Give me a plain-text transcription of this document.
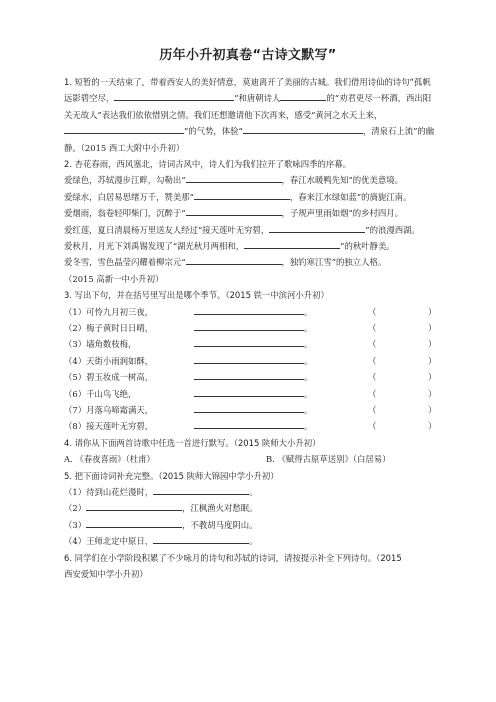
历年小升初真卷“古诗文默写”

1. 短暂的一天结束了，带着西安人的美好情意，莫迪离开了美丽的古城。我们借用诗仙的诗句“孤帆远影碧空尽，	”和唐朝诗人	的“劝君更尽一杯酒，西出阳关无故人”表达我们依依惜别之情。我们还想邀请他下次再来，感受“黄河之水天上来，”的气势，体验“	，清泉石上流”的幽静。（2015 西工大附中小升初）

2. 杏花春雨，西风塞北，诗词古风中，诗人们为我们拉开了歌咏四季的序幕。

爱绿色，苏轼漫步江畔，勾勒出“	，春江水暖鸭先知”的优美意境。

爱绿水，白居易思绪万千，赞美那“	，春来江水绿如蓝”的旖旎江南。

爱烟雨，翁卷轻叩柴门，沉醉于“	，子规声里雨如烟”的乡村四月。

爱红莲，夏日清晨杨万里送友人经过“接天莲叶无穷碧，	”的浪漫西湖。

爱秋月，月光下刘禹锡发现了“湖光秋月两相和，	”的秋叶静美。

爱冬雪，雪色晶莹闪耀着柳宗元“	，独钓寒江雪”的独立人格。

（2015 高新一中小升初）

3. 写出下句，并在括号里写出是哪个季节。（2015 铁一中滨河小升初）

（1）可怜九月初三夜，	。	（	）
（2）梅子黄时日日晴，	。	（	）
（3）墙角数枝梅，	。	（	）
（4）天街小雨润如酥，	。	（	）
（5）碧玉妆成一树高，	。	（	）
（6）千山鸟飞绝，	。	（	）
（7）月落乌啼霜满天，	。	（	）
（8）接天莲叶无穷碧，	。	（	）

4. 请你从下面两首诗歌中任选一首进行默写。（2015 陕师大小升初）

A. 《春夜喜雨》（杜甫）	B. 《赋得古原草送别》（白居易）

5. 把下面诗词补充完整。（2015 陕师大锦园中学小升初）

（1）待到山花烂漫时，	。

（2）	，江枫渔火对愁眠。

（3）	，不教胡马度阴山。

（4）王师北定中原日，	。

6. 同学们在小学阶段积累了不少咏月的诗句和苏轼的诗词，请按提示补全下列诗句。（2015
西安爱知中学小升初）
